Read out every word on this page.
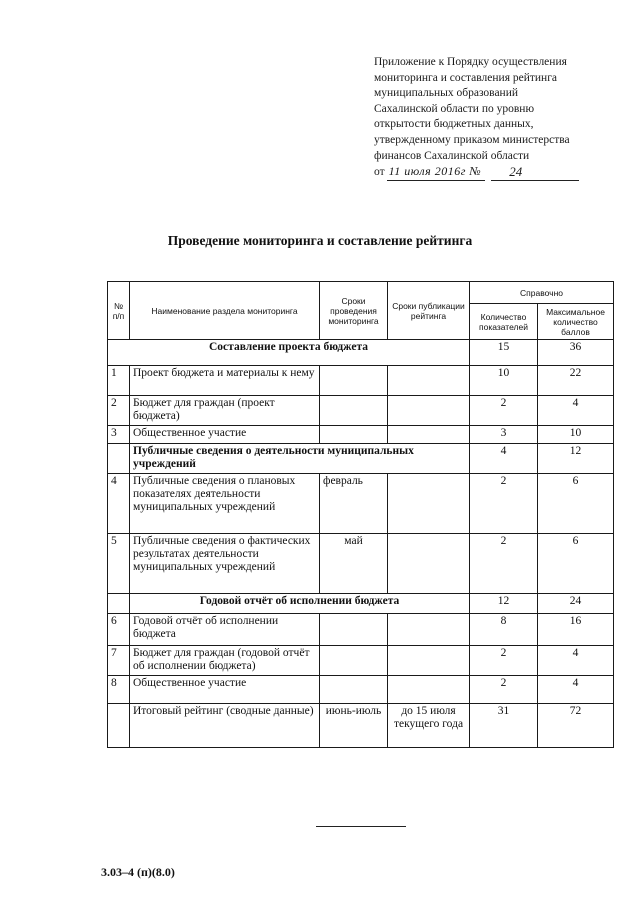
Приложение к Порядку осуществления
мониторинга и составления рейтинга
муниципальных образований
Сахалинской области по уровню
открытости бюджетных данных,
утвержденному приказом министерства
финансов Сахалинской области
от 11 июля 2016г №	24
Проведение мониторинга и составление рейтинга
№ п/п	Наименование раздела мониторинга	Сроки проведения мониторинга	Сроки публикации рейтинга	Справочно	
				Количество показателей	Максимальное количество баллов
Составление проекта бюджета				15	36
1	Проект бюджета и материалы к нему			10	22
2	Бюджет для граждан (проект бюджета)			2	4
3	Общественное участие			3	10
	Публичные сведения о деятельности муниципальных учреждений			4	12
4	Публичные сведения о плановых показателях деятельности муниципальных учреждений	февраль		2	6
5	Публичные сведения о фактических результатах деятельности муниципальных учреждений	май		2	6
	Годовой отчёт об исполнении бюджета			12	24
6	Годовой отчёт об исполнении бюджета			8	16
7	Бюджет для граждан (годовой отчёт об исполнении бюджета)			2	4
8	Общественное участие			2	4
	Итоговый рейтинг (сводные данные)	июнь-июль	до 15 июля текущего года	31	72
3.03–4 (п)(8.0)
